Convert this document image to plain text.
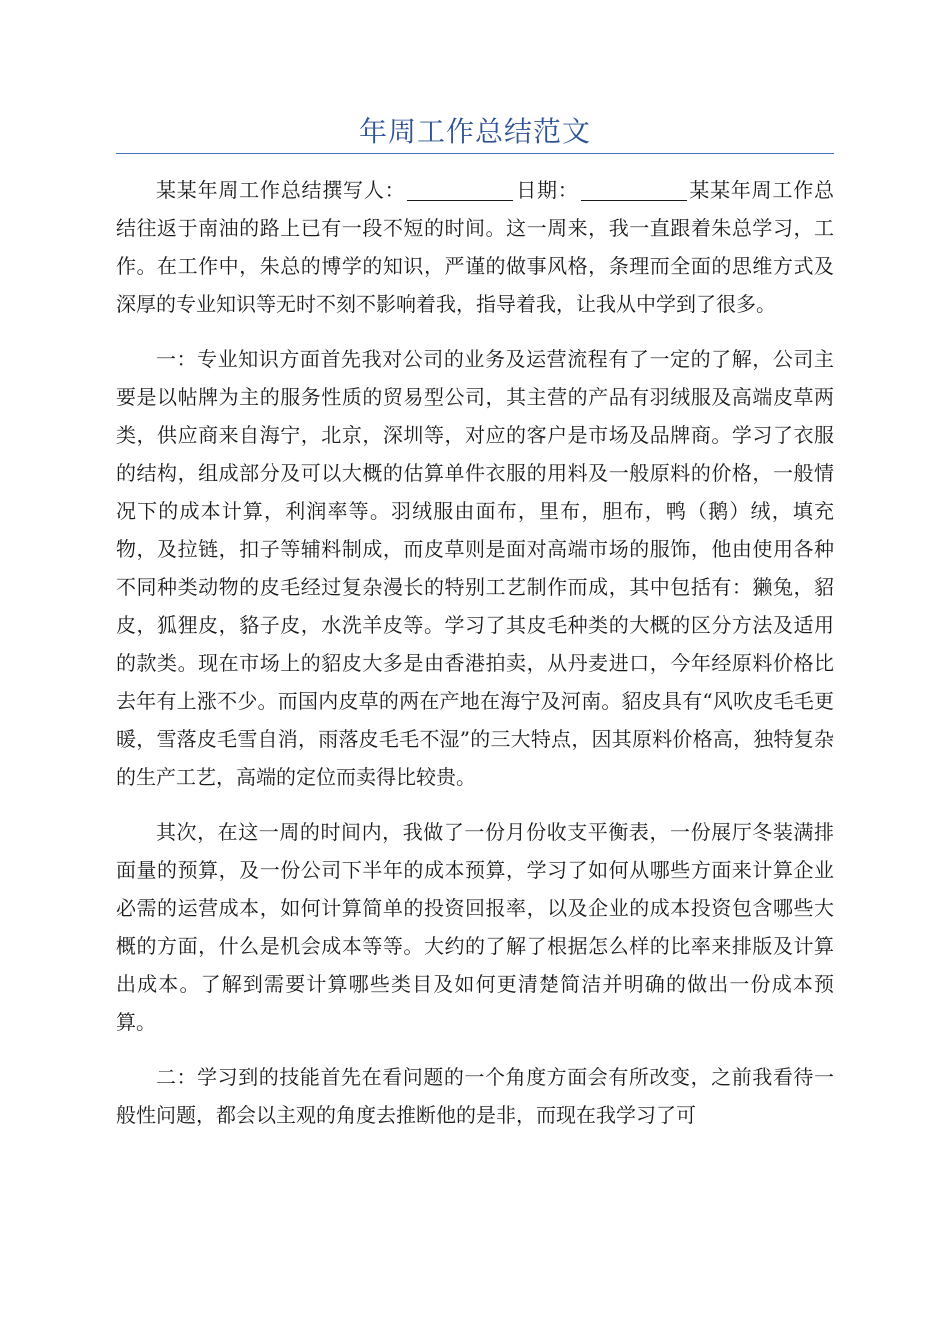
年周工作总结范文

某某年周工作总结撰写人：	日期：	某某年周工作总结往返于南油的路上已有一段不短的时间。这一周来，我一直跟着朱总学习，工作。在工作中，朱总的博学的知识，严谨的做事风格，条理而全面的思维方式及深厚的专业知识等无时不刻不影响着我，指导着我，让我从中学到了很多。

一：专业知识方面首先我对公司的业务及运营流程有了一定的了解，公司主要是以帖牌为主的服务性质的贸易型公司，其主营的产品有羽绒服及高端皮草两类，供应商来自海宁，北京，深圳等，对应的客户是市场及品牌商。学习了衣服的结构，组成部分及可以大概的估算单件衣服的用料及一般原料的价格，一般情况下的成本计算，利润率等。羽绒服由面布，里布，胆布，鸭（鹅）绒，填充物，及拉链，扣子等辅料制成，而皮草则是面对高端市场的服饰，他由使用各种不同种类动物的皮毛经过复杂漫长的特别工艺制作而成，其中包括有：獭兔，貂皮，狐狸皮，貉子皮，水洗羊皮等。学习了其皮毛种类的大概的区分方法及适用的款类。现在市场上的貂皮大多是由香港拍卖，从丹麦进口，今年经原料价格比去年有上涨不少。而国内皮草的两在产地在海宁及河南。貂皮具有“风吹皮毛毛更暖，雪落皮毛雪自消，雨落皮毛毛不湿”的三大特点，因其原料价格高，独特复杂的生产工艺，高端的定位而卖得比较贵。

其次，在这一周的时间内，我做了一份月份收支平衡表，一份展厅冬装满排面量的预算，及一份公司下半年的成本预算，学习了如何从哪些方面来计算企业必需的运营成本，如何计算简单的投资回报率，以及企业的成本投资包含哪些大概的方面，什么是机会成本等等。大约的了解了根据怎么样的比率来排版及计算出成本。了解到需要计算哪些类目及如何更清楚简洁并明确的做出一份成本预算。

二：学习到的技能首先在看问题的一个角度方面会有所改变，之前我看待一般性问题，都会以主观的角度去推断他的是非，而现在我学习了可
